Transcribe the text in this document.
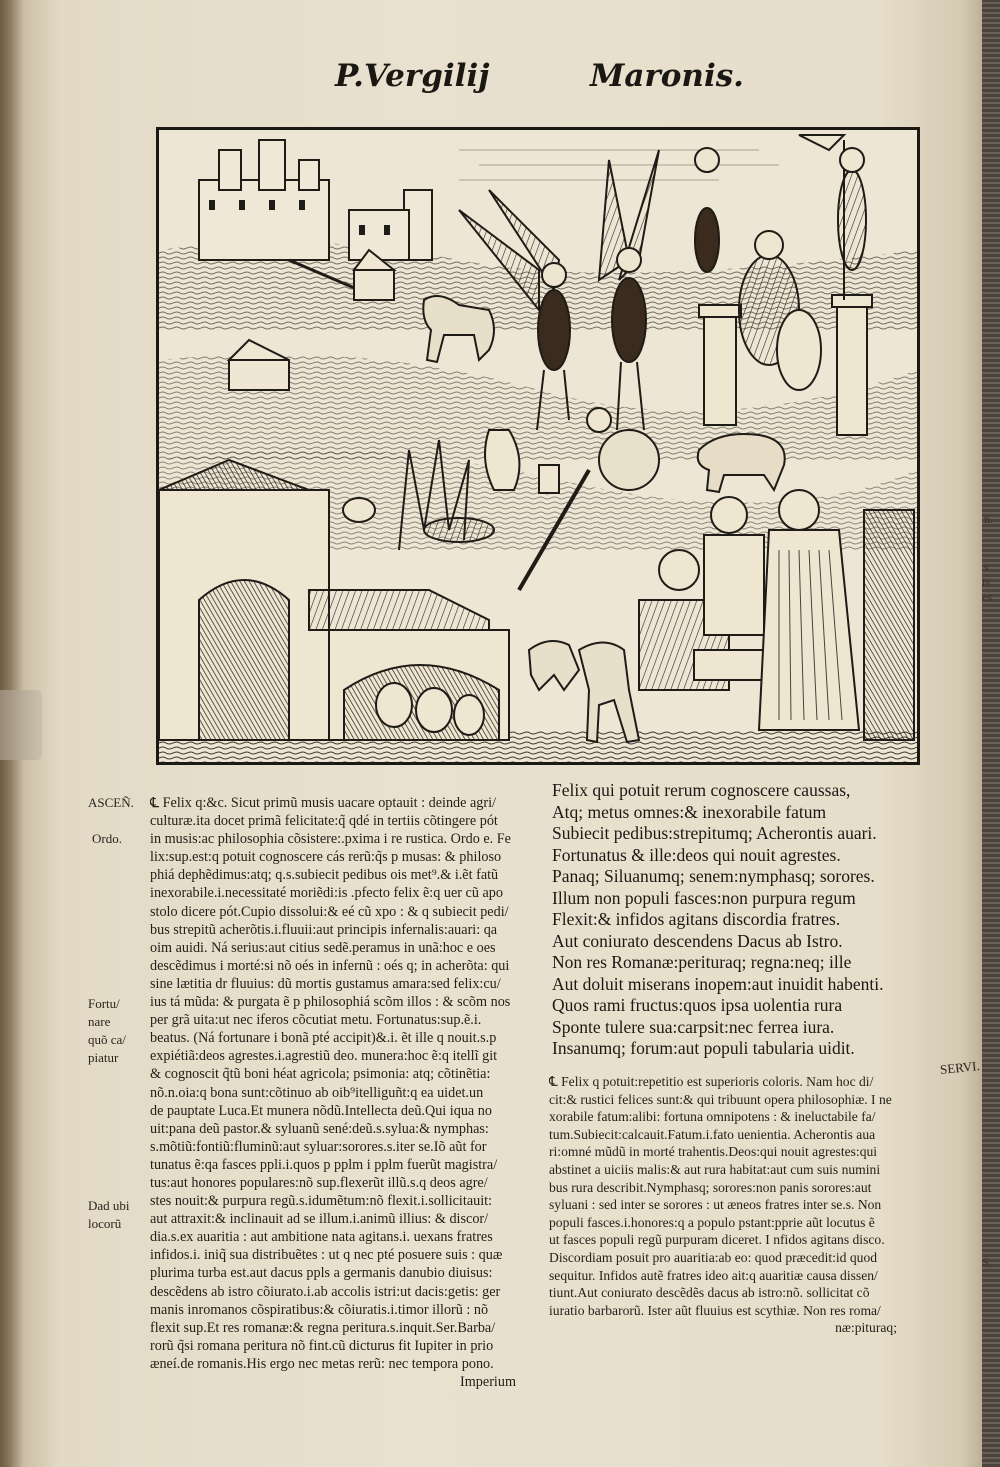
P.Vergilij	Maronis.
ASCEÑ.
Ordo.
Fortu/
nare
quõ ca/
piatur
Dad ubi
locorũ
℄ Felix q:&c. Sicut primũ musis uacare optauit : deinde agri/
culturæ.ita docet primã felicitate:q̃ qdé in tertiis cõtingere pót
in musis:ac philosophia cõsistere:.pxima i re rustica. Ordo e. Fe
lix:sup.est:q potuit cognoscere cás rerũ:q̃s p musas: & philoso
phiá dephẽdimus:atq; q.s.subiecit pedibus ois met⁹.& i.ẽt fatũ
inexorabile.i.necessitaté moriẽdi:is .pfecto felix ẽ:q uer cũ apo
stolo dicere pót.Cupio dissolui:& eé cũ xpo : & q subiecit pedi/
bus strepitũ acherõtis.i.fluuii:aut principis infernalis:auari: qa
oim auidi. Ná serius:aut citius sedẽ.peramus in unã:hoc e oes
descẽdimus i morté:si nõ oés in infernũ : oés q; in acherõta: qui
sine lætitia dr fluuius: dũ mortis gustamus amara:sed felix:cu/
ius tá mũda: & purgata ẽ p philosophiá scõm illos : & scõm nos
per grã uita:ut nec iferos cõcutiat metu. Fortunatus:sup.ẽ.i.
beatus. (Ná fortunare i bonã pté accipit)&.i. ẽt ille q nouit.s.p
expiétiã:deos agrestes.i.agrestiũ deo. munera:hoc ẽ:q itellĩ git
& cognoscit q̃tũ boni héat agricola; psimonia: atq; cõtinẽtia:
nõ.n.oia:q bona sunt:cõtinuo ab oib⁹itelliguñt:q ea uidet.un
de pauptate Luca.Et munera nõdũ.Intellecta deũ.Qui iqua no
uit:pana deũ pastor.& syluanũ sené:deũ.s.sylua:& nymphas:
s.mõtiũ:fontiũ:fluminũ:aut syluar:sorores.s.iter se.Iõ aũt for
tunatus ẽ:qa fasces ppli.i.quos p pplm i pplm fuerũt magistra/
tus:aut honores populares:nõ sup.flexerũt illũ.s.q deos agre/
stes nouit:& purpura regũ.s.idumẽtum:nõ flexit.i.sollicitauit:
aut attraxit:& inclinauit ad se illum.i.animũ illius: & discor/
dia.s.ex auaritia : aut ambitione nata agitans.i. uexans fratres
infidos.i. iniq̃ sua distribuẽtes : ut q nec pté posuere suis : quæ
plurima turba est.aut dacus ppls a germanis danubio diuisus:
descẽdens ab istro cõiurato.i.ab accolis istri:ut dacis:getis: ger
manis inromanos cõspiratibus:& cõiuratis.i.timor illorũ : nõ
flexit sup.Et res romanæ:& regna peritura.s.inquit.Ser.Barba/
rorũ q̃si romana peritura nõ fint.cũ dicturus fit Iupiter in prio
æneí.de romanis.His ergo nec metas rerũ: nec tempora pono.
Imperium
Felix qui potuit rerum cognoscere caussas,
Atq; metus omnes:& inexorabile fatum
Subiecit pedibus:strepitumq; Acherontis auari.
Fortunatus & ille:deos qui nouit agrestes.
Panaq; Siluanumq; senem:nymphasq; sorores.
Illum non populi fasces:non purpura regum
Flexit:& infidos agitans discordia fratres.
Aut coniurato descendens Dacus ab Istro.
Non res Romanæ:perituraq; regna:neq; ille
Aut doluit miserans inopem:aut inuidit habenti.
Quos rami fructus:quos ipsa uolentia rura
Sponte tulere sua:carpsit:nec ferrea iura.
Insanumq; forum:aut populi tabularia uidit.
SERVI.
℄ Felix q potuit:repetitio est superioris coloris. Nam hoc di/
cit:& rustici felices sunt:& qui tribuunt opera philosophiæ. I ne
xorabile fatum:alibi: fortuna omnipotens : & ineluctabile fa/
tum.Subiecit:calcauit.Fatum.i.fato uenientia. Acherontis aua
ri:omné mũdũ in morté trahentis.Deos:qui nouit agrestes:qui
abstinet a uiciis malis:& aut rura habitat:aut cum suis numini
bus rura describit.Nymphasq; sorores:non panis sorores:aut
syluani : sed inter se sorores : ut æneos fratres inter se.s. Non
populi fasces.i.honores:q a populo pstant:pprie aũt locutus ẽ
ut fasces populi regũ purpuram diceret. I nfidos agitans disco.
Discordiam posuit pro auaritia:ab eo: quod præcedit:id quod
sequitur. Infidos autẽ fratres ideo ait:q auaritiæ causa dissen/
tiunt.Aut coniurato descẽdẽs dacus ab istro:nõ. sollicitat cõ
iuratio barbarorũ. Ister aũt fluuius est scythiæ. Non res roma/
næ:pituraq;
n.
s
is
es
S,
